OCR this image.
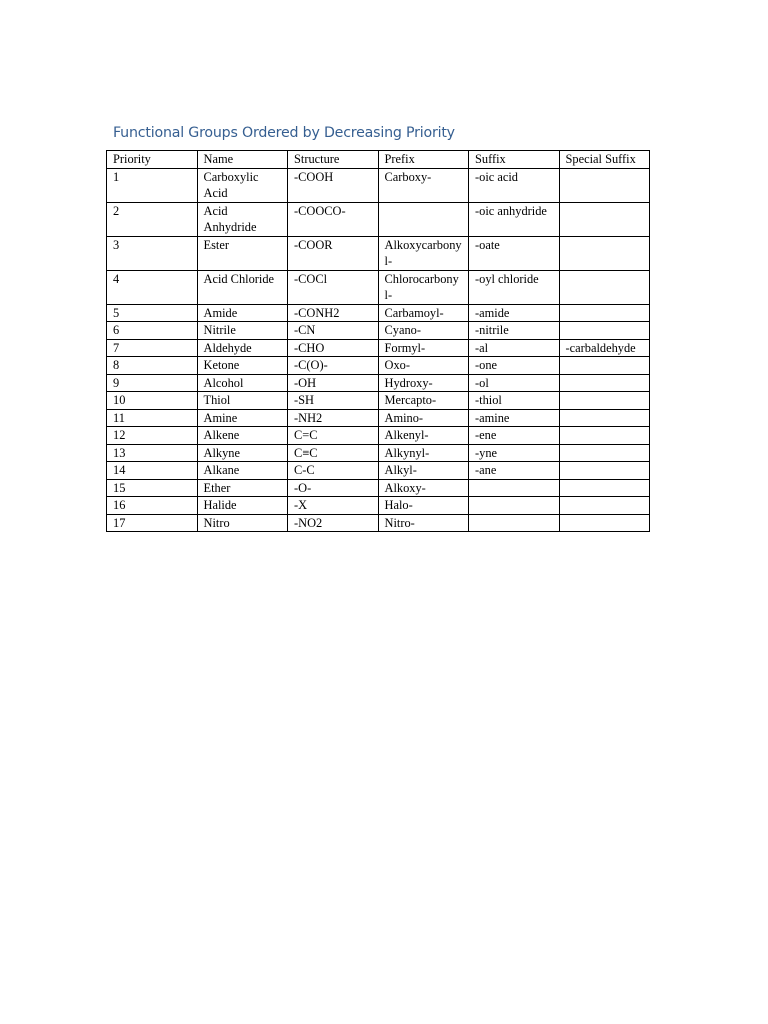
Functional Groups Ordered by Decreasing Priority
Priority	Name	Structure	Prefix	Suffix	Special Suffix
1	Carboxylic Acid	-COOH	Carboxy-	-oic acid	
2	Acid Anhydride	-COOCO-		-oic anhydride	
3	Ester	-COOR	Alkoxycarbonyl-	-oate	
4	Acid Chloride	-COCl	Chlorocarbonyl-	-oyl chloride	
5	Amide	-CONH2	Carbamoyl-	-amide	
6	Nitrile	-CN	Cyano-	-nitrile	
7	Aldehyde	-CHO	Formyl-	-al	-carbaldehyde
8	Ketone	-C(O)-	Oxo-	-one	
9	Alcohol	-OH	Hydroxy-	-ol	
10	Thiol	-SH	Mercapto-	-thiol	
11	Amine	-NH2	Amino-	-amine	
12	Alkene	C=C	Alkenyl-	-ene	
13	Alkyne	C≡C	Alkynyl-	-yne	
14	Alkane	C-C	Alkyl-	-ane	
15	Ether	-O-	Alkoxy-		
16	Halide	-X	Halo-		
17	Nitro	-NO2	Nitro-		
